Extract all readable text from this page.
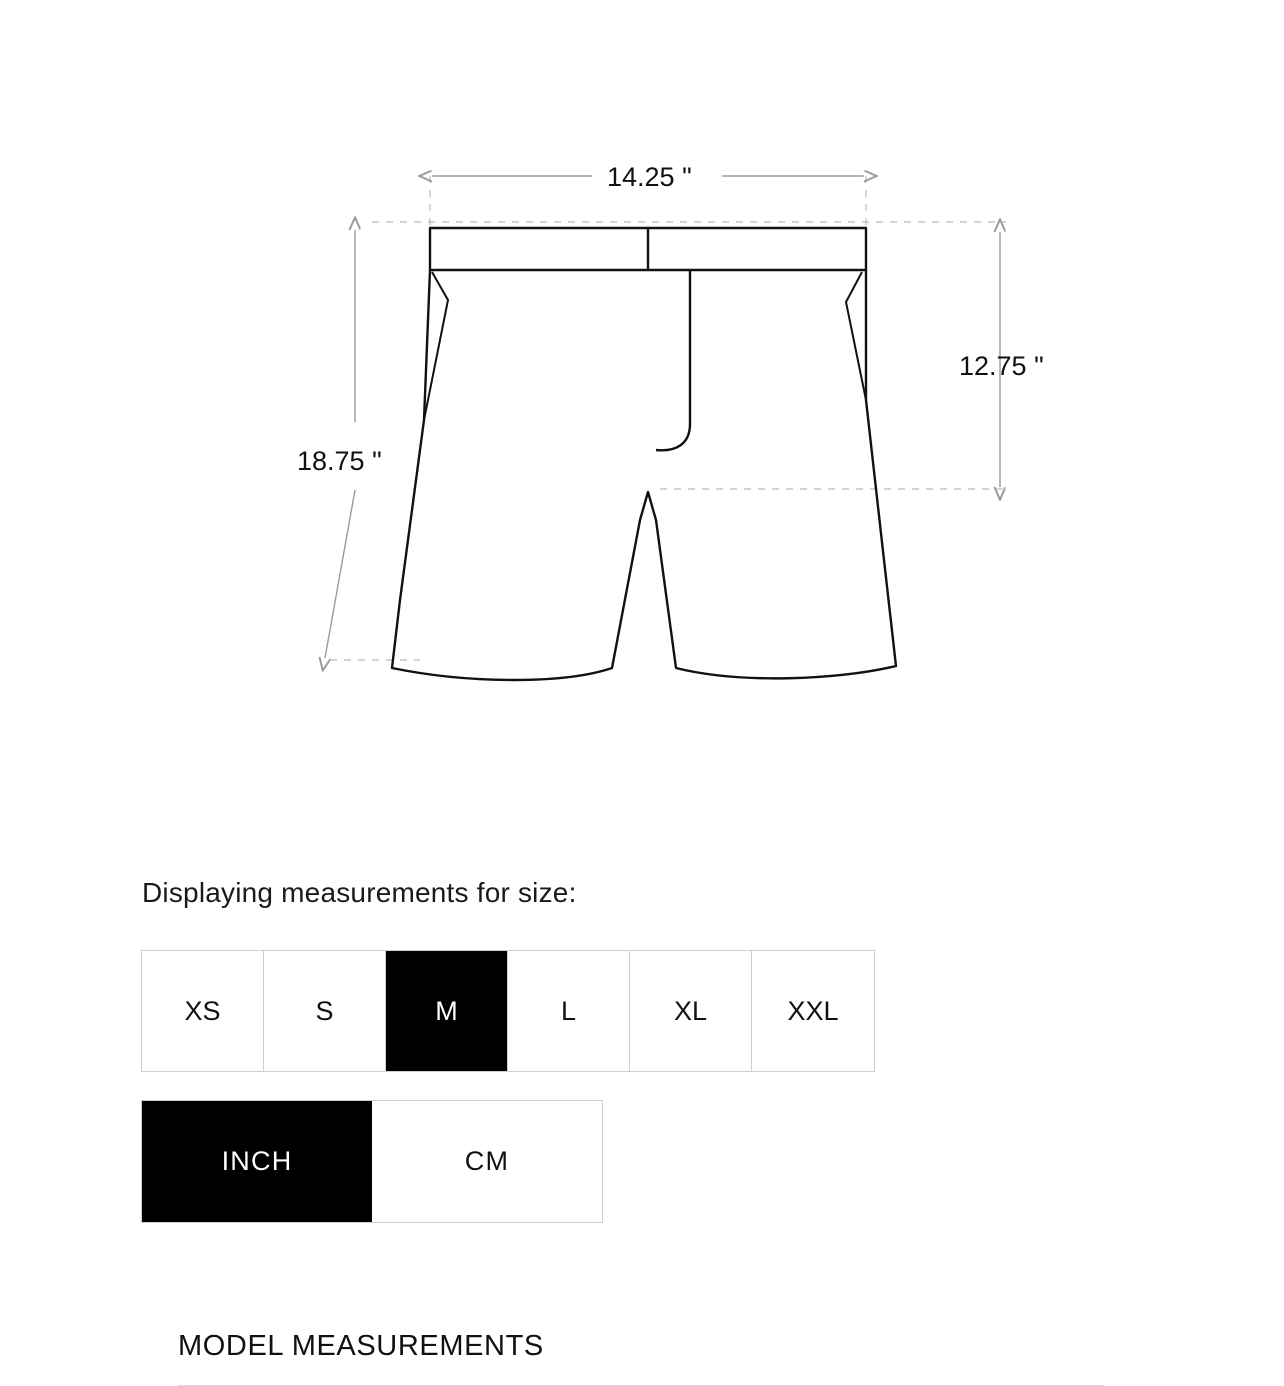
14.25 "
12.75 "
18.75 "
Displaying measurements for size:
XS	S	M	L	XL	XXL
INCH	CM
MODEL MEASUREMENTS
